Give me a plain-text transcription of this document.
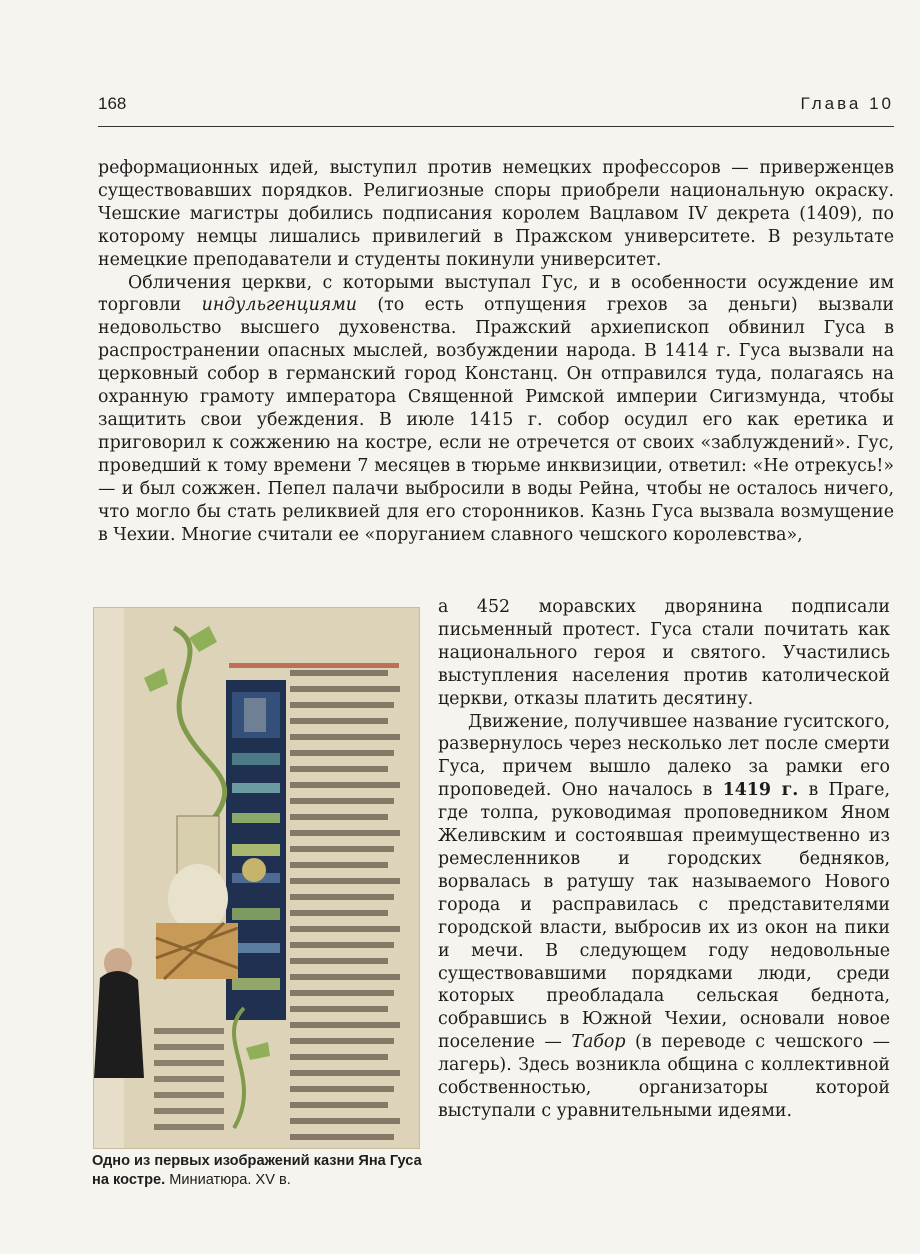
168	Глава 10

реформационных идей, выступил против немецких профессоров — приверженцев существовавших порядков. Религиозные споры приобрели национальную окраску. Чешские магистры добились подписания королем Вацлавом IV декрета (1409), по которому немцы лишались привилегий в Пражском университете. В результате немецкие преподаватели и студенты покинули университет.

Обличения церкви, с которыми выступал Гус, и в особенности осуждение им торговли индульгенциями (то есть отпущения грехов за деньги) вызвали недовольство высшего духовенства. Пражский архиепископ обвинил Гуса в распространении опасных мыслей, возбуждении народа. В 1414 г. Гуса вызвали на церковный собор в германский город Констанц. Он отправился туда, полагаясь на охранную грамоту императора Священной Римской империи Сигизмунда, чтобы защитить свои убеждения. В июле 1415 г. собор осудил его как еретика и приговорил к сожжению на костре, если не отречется от своих «заблуждений». Гус, проведший к тому времени 7 месяцев в тюрьме инквизиции, ответил: «Не отрекусь!» — и был сожжен. Пепел палачи выбросили в воды Рейна, чтобы не осталось ничего, что могло бы стать реликвией для его сторонников. Казнь Гуса вызвала возмущение в Чехии. Многие считали ее «поруганием славного чешского королевства»,

Одно из первых изображений казни Яна Гуса на костре. Миниатюра. XV в.

а 452 моравских дворянина подписали письменный протест. Гуса стали почитать как национального героя и святого. Участились выступления населения против католической церкви, отказы платить десятину.

Движение, получившее название гуситского, развернулось через несколько лет после смерти Гуса, причем вышло далеко за рамки его проповедей. Оно началось в 1419 г. в Праге, где толпа, руководимая проповедником Яном Желивским и состоявшая преимущественно из ремесленников и городских бедняков, ворвалась в ратушу так называемого Нового города и расправилась с представителями городской власти, выбросив их из окон на пики и мечи. В следующем году недовольные существовавшими порядками люди, среди которых преобладала сельская беднота, собравшись в Южной Чехии, основали новое поселение — Табор (в переводе с чешского — лагерь). Здесь возникла община с коллективной собственностью, организаторы которой выступали с уравнительными идеями.
